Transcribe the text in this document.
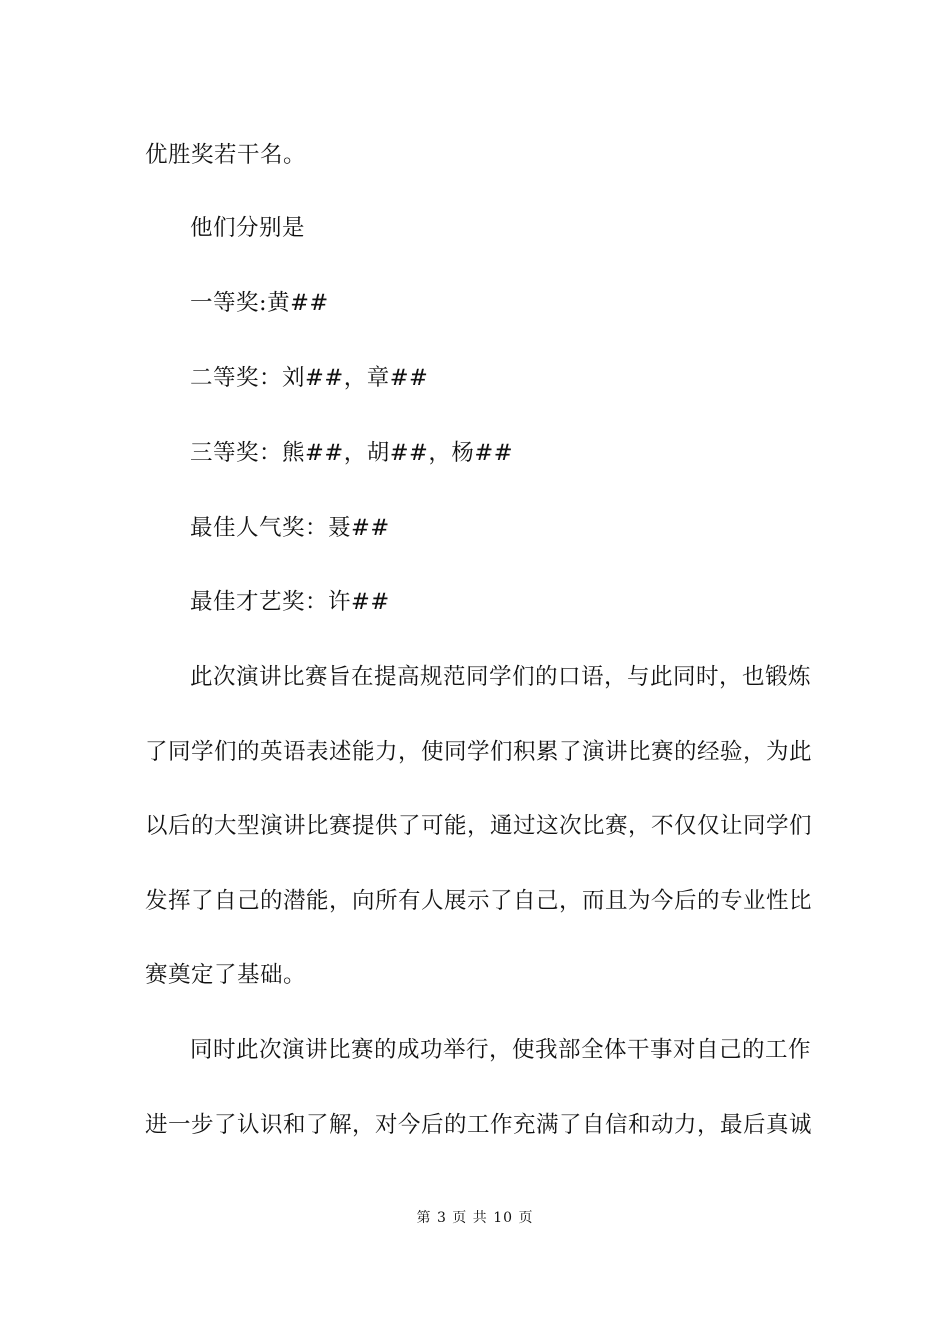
优胜奖若干名。
他们分别是
一等奖:黄##
二等奖：刘##，章##
三等奖：熊##，胡##，杨##
最佳人气奖：聂##
最佳才艺奖：许##
此次演讲比赛旨在提高规范同学们的口语，与此同时，也锻炼
了同学们的英语表述能力，使同学们积累了演讲比赛的经验，为此
以后的大型演讲比赛提供了可能，通过这次比赛，不仅仅让同学们
发挥了自己的潜能，向所有人展示了自己，而且为今后的专业性比
赛奠定了基础。
同时此次演讲比赛的成功举行，使我部全体干事对自己的工作
进一步了认识和了解，对今后的工作充满了自信和动力，最后真诚
第 3 页 共 10 页
